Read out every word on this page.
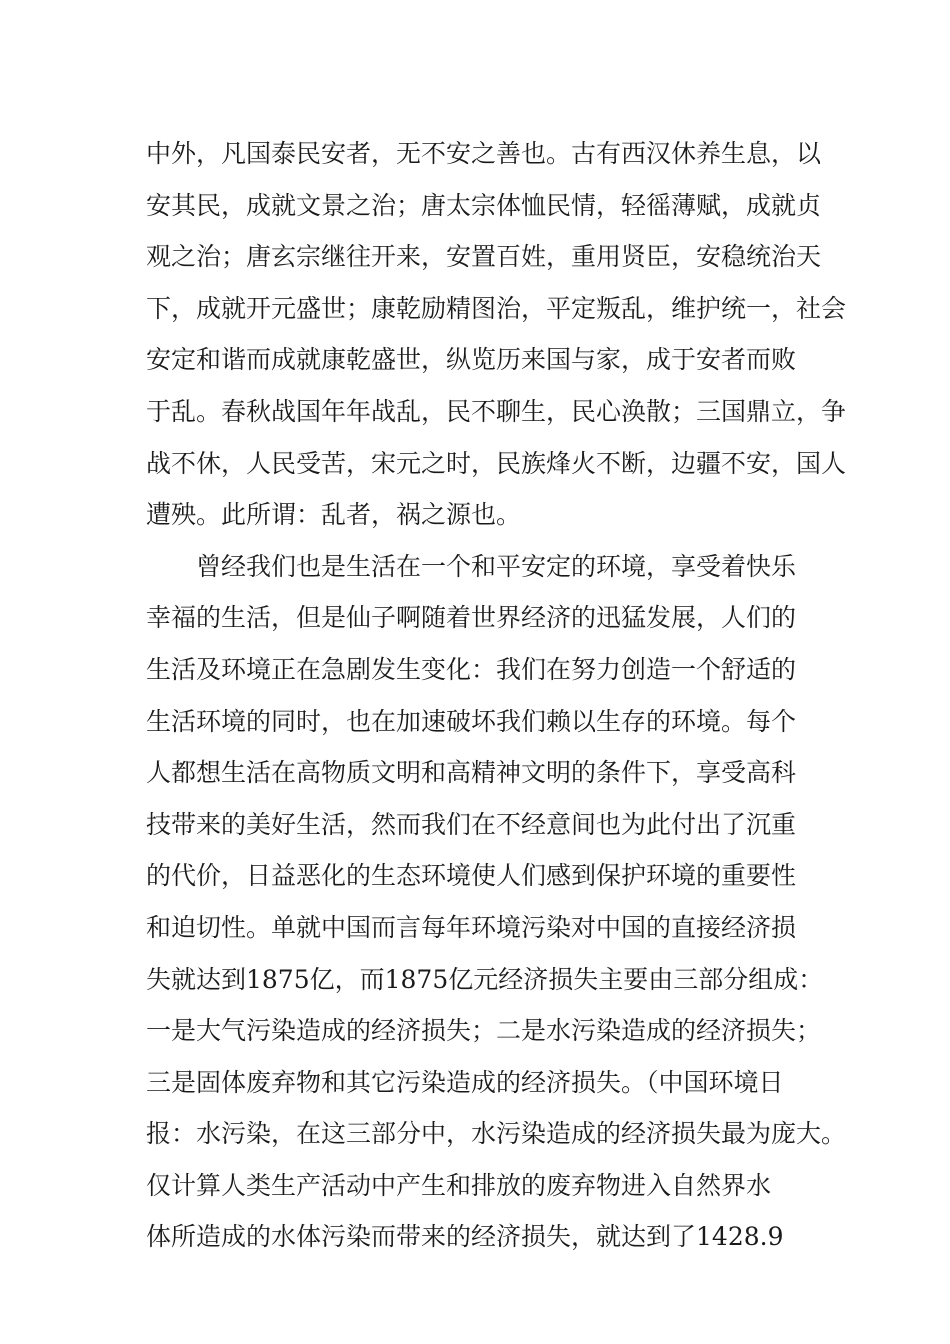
中外，凡国泰民安者，无不安之善也。古有西汉休养生息，以
安其民，成就文景之治；唐太宗体恤民情，轻徭薄赋，成就贞
观之治；唐玄宗继往开来，安置百姓，重用贤臣，安稳统治天
下，成就开元盛世；康乾励精图治，平定叛乱，维护统一，社会
安定和谐而成就康乾盛世，纵览历来国与家，成于安者而败
于乱。春秋战国年年战乱，民不聊生，民心涣散；三国鼎立，争
战不休，人民受苦，宋元之时，民族烽火不断，边疆不安，国人
遭殃。此所谓：乱者，祸之源也。
曾经我们也是生活在一个和平安定的环境，享受着快乐
幸福的生活，但是仙子啊随着世界经济的迅猛发展，人们的
生活及环境正在急剧发生变化：我们在努力创造一个舒适的
生活环境的同时，也在加速破坏我们赖以生存的环境。每个
人都想生活在高物质文明和高精神文明的条件下，享受高科
技带来的美好生活，然而我们在不经意间也为此付出了沉重
的代价，日益恶化的生态环境使人们感到保护环境的重要性
和迫切性。单就中国而言每年环境污染对中国的直接经济损
失就达到1875亿，而1875亿元经济损失主要由三部分组成：
一是大气污染造成的经济损失；二是水污染造成的经济损失；
三是固体废弃物和其它污染造成的经济损失。（中国环境日
报：水污染，在这三部分中，水污染造成的经济损失最为庞大。
仅计算人类生产活动中产生和排放的废弃物进入自然界水
体所造成的水体污染而带来的经济损失，就达到了1428.9
